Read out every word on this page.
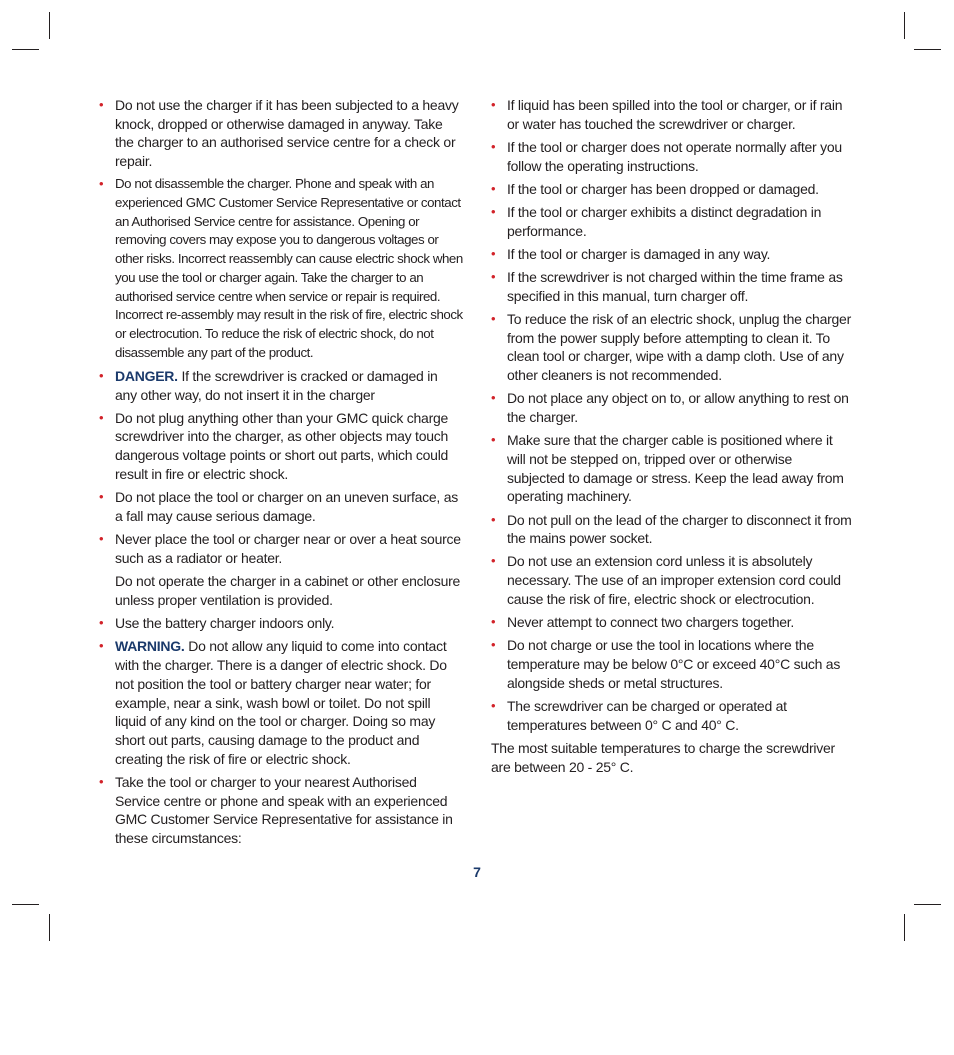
• Do not use the charger if it has been subjected to a heavy knock, dropped or otherwise damaged in anyway. Take the charger to an authorised service centre for a check or repair.
• Do not disassemble the charger. Phone and speak with an experienced GMC Customer Service Representative or contact an Authorised Service centre for assistance. Opening or removing covers may expose you to dangerous voltages or other risks. Incorrect reassembly can cause electric shock when you use the tool or charger again. Take the charger to an authorised service centre when service or repair is required. Incorrect re-assembly may result in the risk of fire, electric shock or electrocution. To reduce the risk of electric shock, do not disassemble any part of the product.
• DANGER. If the screwdriver is cracked or damaged in any other way, do not insert it in the charger
• Do not plug anything other than your GMC quick charge screwdriver into the charger, as other objects may touch dangerous voltage points or short out parts, which could result in fire or electric shock.
• Do not place the tool or charger on an uneven surface, as a fall may cause serious damage.
• Never place the tool or charger near or over a heat source such as a radiator or heater.

Do not operate the charger in a cabinet or other enclosure unless proper ventilation is provided.

• Use the battery charger indoors only.
• WARNING. Do not allow any liquid to come into contact with the charger. There is a danger of electric shock. Do not position the tool or battery charger near water; for example, near a sink, wash bowl or toilet. Do not spill liquid of any kind on the tool or charger. Doing so may short out parts, causing damage to the product and creating the risk of fire or electric shock.
• Take the tool or charger to your nearest Authorised Service centre or phone and speak with an experienced GMC Customer Service Representative for assistance in these circumstances:
• If liquid has been spilled into the tool or charger, or if rain or water has touched the screwdriver or charger.
• If the tool or charger does not operate normally after you follow the operating instructions.
• If the tool or charger has been dropped or damaged.
• If the tool or charger exhibits a distinct degradation in performance.
• If the tool or charger is damaged in any way.
• If the screwdriver is not charged within the time frame as specified in this manual, turn charger off.
• To reduce the risk of an electric shock, unplug the charger from the power supply before attempting to clean it. To clean tool or charger, wipe with a damp cloth. Use of any other cleaners is not recommended.
• Do not place any object on to, or allow anything to rest on the charger.
• Make sure that the charger cable is positioned where it will not be stepped on, tripped over or otherwise subjected to damage or stress. Keep the lead away from operating machinery.
• Do not pull on the lead of the charger to disconnect it from the mains power socket.
• Do not use an extension cord unless it is absolutely necessary. The use of an improper extension cord could cause the risk of fire, electric shock or electrocution.
• Never attempt to connect two chargers together.
• Do not charge or use the tool in locations where the temperature may be below 0°C or exceed 40°C such as alongside sheds or metal structures.
• The screwdriver can be charged or operated at temperatures between 0° C and 40° C.

The most suitable temperatures to charge the screwdriver are between 20 - 25° C.

7
